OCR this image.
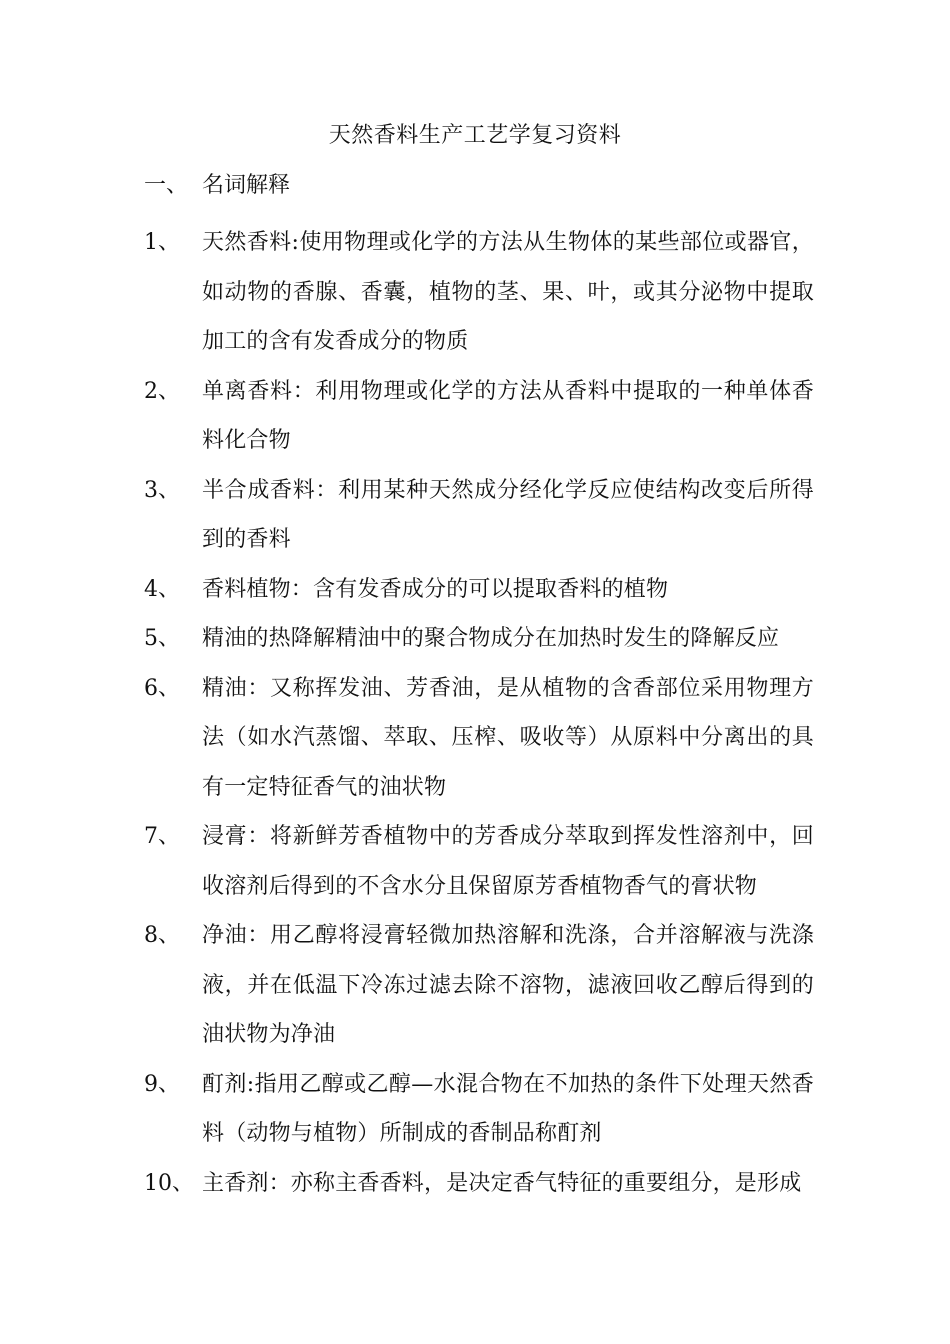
天然香料生产工艺学复习资料
一、 名词解释

1、	天然香料:使用物理或化学的方法从生物体的某些部位或器官，如动物的香腺、香囊，植物的茎、果、叶，或其分泌物中提取加工的含有发香成分的物质

2、	单离香料：利用物理或化学的方法从香料中提取的一种单体香料化合物

3、	半合成香料：利用某种天然成分经化学反应使结构改变后所得到的香料

4、	香料植物：含有发香成分的可以提取香料的植物

5、	精油的热降解精油中的聚合物成分在加热时发生的降解反应

6、	精油：又称挥发油、芳香油，是从植物的含香部位采用物理方法（如水汽蒸馏、萃取、压榨、吸收等）从原料中分离出的具有一定特征香气的油状物

7、	浸膏：将新鲜芳香植物中的芳香成分萃取到挥发性溶剂中，回收溶剂后得到的不含水分且保留原芳香植物香气的膏状物

8、	净油：用乙醇将浸膏轻微加热溶解和洗涤，合并溶解液与洗涤液，并在低温下冷冻过滤去除不溶物，滤液回收乙醇后得到的油状物为净油

9、	酊剂:指用乙醇或乙醇—水混合物在不加热的条件下处理天然香料（动物与植物）所制成的香制品称酊剂

10、 主香剂：亦称主香香料，是决定香气特征的重要组分，是形成
